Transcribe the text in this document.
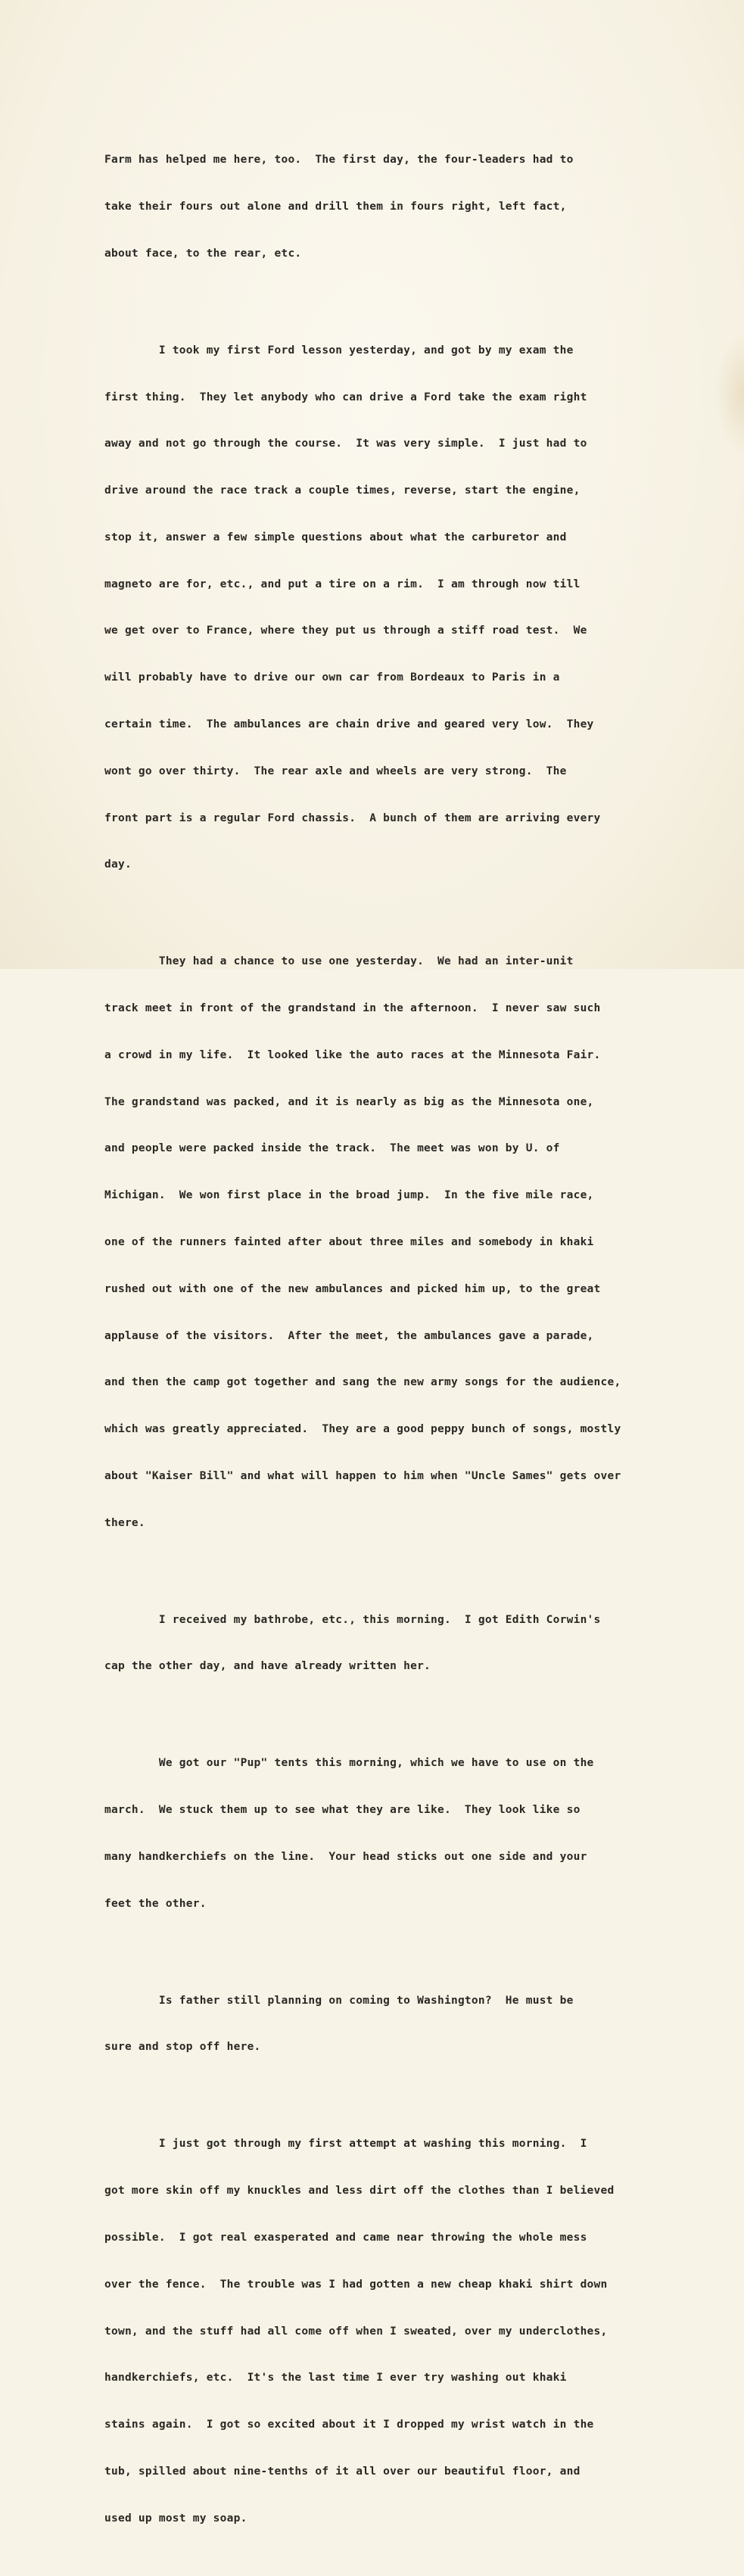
Farm has helped me here, too.  The first day, the four-leaders had to

take their fours out alone and drill them in fours right, left fact,

about face, to the rear, etc.

I took my first Ford lesson yesterday, and got by my exam the

first thing.  They let anybody who can drive a Ford take the exam right

away and not go through the course.  It was very simple.  I just had to

drive around the race track a couple times, reverse, start the engine,

stop it, answer a few simple questions about what the carburetor and

magneto are for, etc., and put a tire on a rim.  I am through now till

we get over to France, where they put us through a stiff road test.  We

will probably have to drive our own car from Bordeaux to Paris in a

certain time.  The ambulances are chain drive and geared very low.  They

wont go over thirty.  The rear axle and wheels are very strong.  The

front part is a regular Ford chassis.  A bunch of them are arriving every

day.

They had a chance to use one yesterday.  We had an inter-unit

track meet in front of the grandstand in the afternoon.  I never saw such

a crowd in my life.  It looked like the auto races at the Minnesota Fair.

The grandstand was packed, and it is nearly as big as the Minnesota one,

and people were packed inside the track.  The meet was won by U. of

Michigan.  We won first place in the broad jump.  In the five mile race,

one of the runners fainted after about three miles and somebody in khaki

rushed out with one of the new ambulances and picked him up, to the great

applause of the visitors.  After the meet, the ambulances gave a parade,

and then the camp got together and sang the new army songs for the audience,

which was greatly appreciated.  They are a good peppy bunch of songs, mostly

about "Kaiser Bill" and what will happen to him when "Uncle Sames" gets over

there.

I received my bathrobe, etc., this morning.  I got Edith Corwin's

cap the other day, and have already written her.

We got our "Pup" tents this morning, which we have to use on the

march.  We stuck them up to see what they are like.  They look like so

many handkerchiefs on the line.  Your head sticks out one side and your

feet the other.

Is father still planning on coming to Washington?  He must be

sure and stop off here.

I just got through my first attempt at washing this morning.  I

got more skin off my knuckles and less dirt off the clothes than I believed

possible.  I got real exasperated and came near throwing the whole mess

over the fence.  The trouble was I had gotten a new cheap khaki shirt down

town, and the stuff had all come off when I sweated, over my underclothes,

handkerchiefs, etc.  It's the last time I ever try washing out khaki

stains again.  I got so excited about it I dropped my wrist watch in the

tub, spilled about nine-tenths of it all over our beautiful floor, and

used up most my soap.
